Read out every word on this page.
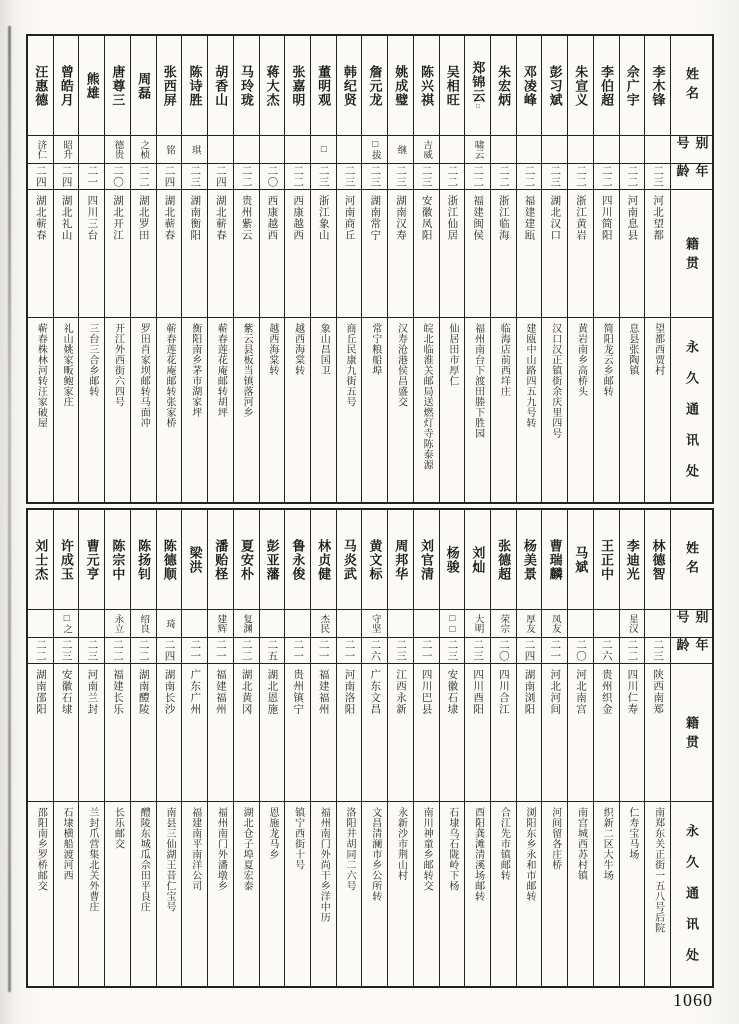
姓名
别号
年龄
籍贯
永久通讯处
李木锋
二三
河北望都
望都西贾村
佘广宇
二二
河南息县
息县张陶镇
李伯超
二二
四川简阳
简阳龙云乡邮转
朱宣义
二二
浙江黄岩
黄岩南乡高桥头
彭习斌
二三
湖北汉口
汉口汉正镇街余庆里四号
邓凌峰
二二
福建建瓯
建瓯中山路四五九号转
朱宏炳
二二
浙江临海
临海店前西垟庄
郑锦云□
啸云
二二
福建闽侯
福州南台下渡田塍下胜园
吴相旺
二二
浙江仙居
仙居田市厚仁
陈兴祺
吉威
二三
安徽凤阳
皖北临淮关邮局送燃灯寺陈泰源
姚成璧
继
二三
湖南汉寿
汉寿沧港侯昌盛交
詹元龙
□拔
二三
湖南常宁
常宁粮船埠
韩纪贤
二三
河南商丘
商丘民康九街五号
董明观
□
二三
浙江象山
象山昌国卫
张嘉明
二二
西康越西
越西海棠转
蒋大杰
二〇
西康越西
越西海棠转
马玲珑
二二
贵州紫云
紫云县板当镇落河乡
胡香山
二四
湖北蕲春
蕲春莲花庵邮转胡坪
陈诗胜
琪
二三
湖南衡阳
衡阳南乡茅市湖家坪
张西屏
铭
二四
湖北蕲春
蕲春莲花庵邮转张家桥
周磊
之桢
二二
湖北罗田
罗田肖家坝邮转马面冲
唐尊三
德贵
二〇
湖北开江
开江外西街六四号
熊雄
二一
四川三台
三台三合乡邮转
曾皓月
昭升
二四
湖北礼山
礼山姚家畈鲍家庄
汪惠德
济仁
二四
湖北蕲春
蕲春株林河转汪家破屋
姓名
别号
年龄
籍贯
永久通讯处
林德智
二三
陕西南郑
南郑东关正街一五八号后院
李迪光
星汉
二二
四川仁寿
仁寿宝马场
王正中
二六
贵州织金
织新二区大牛场
马斌
二〇
河北南宫
南宫城西苏村镇
曹瑞麟
凤友
二一
河北河间
河间留各庄桥
杨美景
厚友
二四
湖南浏阳
浏阳东乡永和市邮转
张德超
荣宗
二〇
四川合江
合江先市镇邮转
刘灿
大明
二三
四川酉阳
酉阳龚滩清溪场邮转
杨骏
□□
二三
安徽石埭
石埭乌石陇岭下杨
刘官清
二一
四川巴县
南川神童乡邮转交
周邦华
二三
江西永新
永新沙市荆山村
黄文标
守坚
二六
广东文昌
文昌清澜市乡公所转
马炎武
二一
河南洛阳
洛阳井胡同二六号
林贞健
杰民
二一
福建福州
福州南门外尚干乡洋中历
鲁永俊
二一
贵州镇宁
镇宁西街十号
彭亚藩
二五
湖北恩施
恩施龙马乡
夏安朴
复渊
二二
湖北黄冈
湖北仓子埠夏宏泰
潘贻柽
建辉
二一
福建福州
福州南门外潘墩乡
梁洪
二一
广东广州
福建南平南洋公司
陈德顺
琦
二四
湖南长沙
南县三仙湖王昔仁宝号
陈扬钊
绍良
二二
湖南醴陵
醴陵东城瓜佘田平良庄
陈宗中
永立
二二
福建长乐
长乐邮交
曹元亨
二三
河南兰封
兰封爪营集北关外曹庄
许成玉
□之
二三
安徽石埭
石埭横船渡河西
刘士杰
二二
湖南邵阳
邵阳南乡罗桥邮交
1060
